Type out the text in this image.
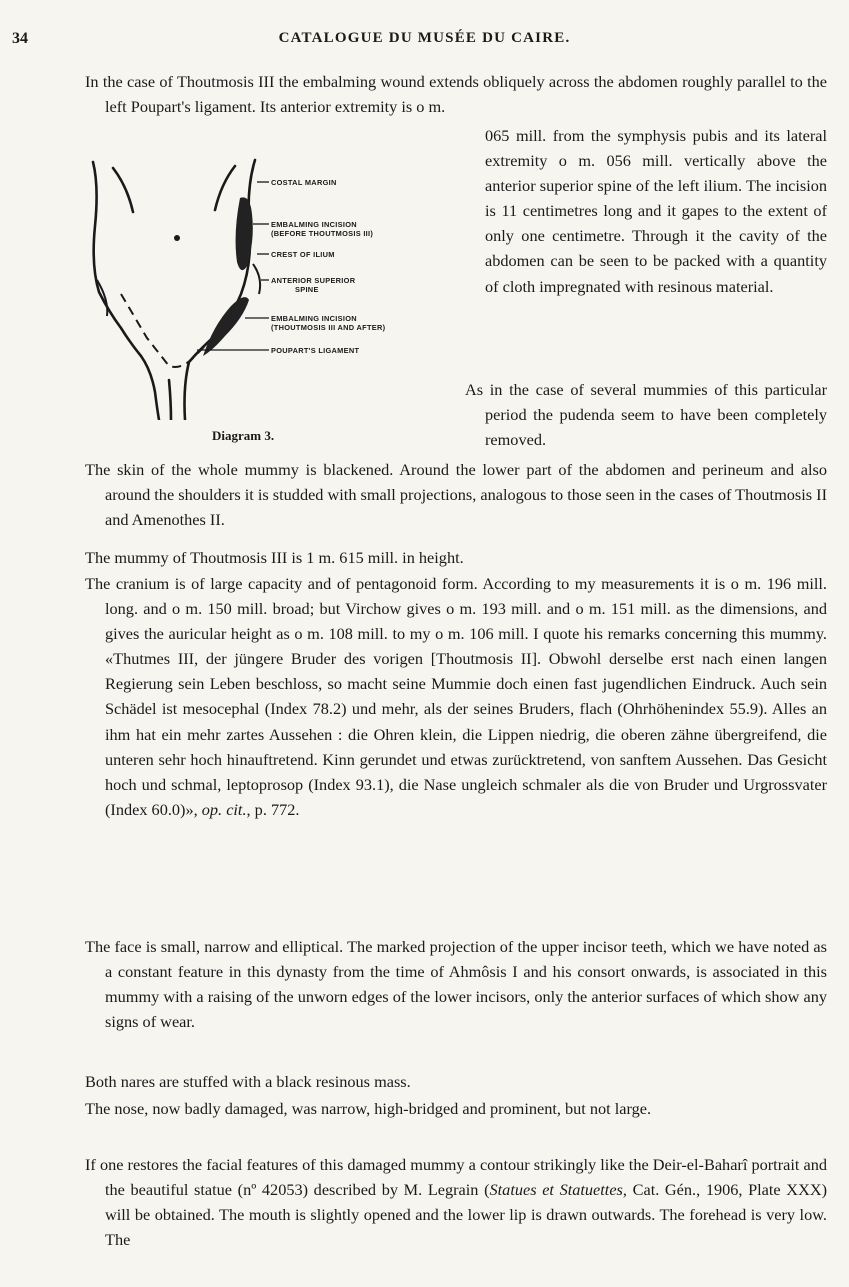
34	CATALOGUE DU MUSÉE DU CAIRE.

In the case of Thoutmosis III the embalming wound extends obliquely across the abdomen roughly parallel to the left Poupart's ligament. Its anterior extremity is o m.

COSTAL MARGIN
EMBALMING INCISION
(BEFORE THOUTMOSIS III)
CREST OF ILIUM
ANTERIOR SUPERIOR
SPINE
EMBALMING INCISION
(THOUTMOSIS III AND AFTER)
POUPART'S LIGAMENT
Diagram 3.

065 mill. from the symphysis pubis and its lateral extremity o m. 056 mill. vertically above the anterior superior spine of the left ilium. The incision is 11 centimetres long and it gapes to the extent of only one centimetre. Through it the cavity of the abdomen can be seen to be packed with a quantity of cloth impregnated with resinous material.

As in the case of several mummies of this particular period the pudenda seem to have been completely removed.

The skin of the whole mummy is blackened. Around the lower part of the abdomen and perineum and also around the shoulders it is studded with small projections, analogous to those seen in the cases of Thoutmosis II and Amenothes II.

The mummy of Thoutmosis III is 1 m. 615 mill. in height.

The cranium is of large capacity and of pentagonoid form. According to my measurements it is o m. 196 mill. long. and o m. 150 mill. broad; but Virchow gives o m. 193 mill. and o m. 151 mill. as the dimensions, and gives the auricular height as o m. 108 mill. to my o m. 106 mill. I quote his remarks concerning this mummy. «Thutmes III, der jüngere Bruder des vorigen [Thoutmosis II]. Obwohl derselbe erst nach einen langen Regierung sein Leben beschloss, so macht seine Mummie doch einen fast jugendlichen Eindruck. Auch sein Schädel ist mesocephal (Index 78.2) und mehr, als der seines Bruders, flach (Ohrhöhenindex 55.9). Alles an ihm hat ein mehr zartes Aussehen : die Ohren klein, die Lippen niedrig, die oberen zähne übergreifend, die unteren sehr hoch hinauftretend. Kinn gerundet und etwas zurücktretend, von sanftem Aussehen. Das Gesicht hoch und schmal, leptoprosop (Index 93.1), die Nase ungleich schmaler als die von Bruder und Urgrossvater (Index 60.0)», op. cit., p. 772.

The face is small, narrow and elliptical. The marked projection of the upper incisor teeth, which we have noted as a constant feature in this dynasty from the time of Ahmôsis I and his consort onwards, is associated in this mummy with a raising of the unworn edges of the lower incisors, only the anterior surfaces of which show any signs of wear.

Both nares are stuffed with a black resinous mass.

The nose, now badly damaged, was narrow, high-bridged and prominent, but not large.

If one restores the facial features of this damaged mummy a contour strikingly like the Deir-el-Baharî portrait and the beautiful statue (nº 42053) described by M. Legrain (Statues et Statuettes, Cat. Gén., 1906, Plate XXX) will be obtained. The mouth is slightly opened and the lower lip is drawn outwards. The forehead is very low. The
